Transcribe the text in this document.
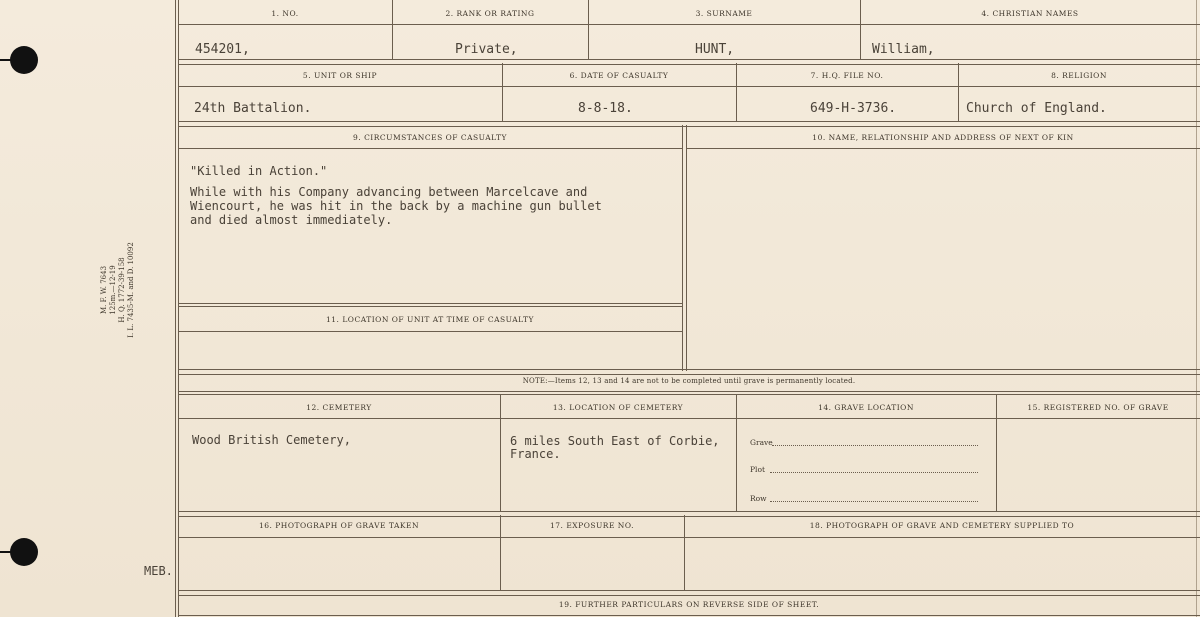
M. F. W. 7643 125m.—12-19 H. Q. 1772-39-158 I. L. 7435-M. and D. 10092
MEB.
1. NO.	2. RANK OR RATING	3. SURNAME	4. CHRISTIAN NAMES
454201,	Private,	HUNT,	William,
5. UNIT OR SHIP	6. DATE OF CASUALTY	7. H.Q. FILE NO.	8. RELIGION
24th Battalion.	8-8-18.	649-H-3736.	Church of England.
9. CIRCUMSTANCES OF CASUALTY	10. NAME, RELATIONSHIP AND ADDRESS OF NEXT OF KIN
"Killed in Action."
While with his Company advancing between Marcelcave and
Wiencourt, he was hit in the back by a machine gun bullet
and died almost immediately.
11. LOCATION OF UNIT AT TIME OF CASUALTY
NOTE:—Items 12, 13 and 14 are not to be completed until grave is permanently located.
12. CEMETERY	13. LOCATION OF CEMETERY	14. GRAVE LOCATION	15. REGISTERED NO. OF GRAVE
Wood British Cemetery,	6 miles South East of Corbie,
France.
Grave
Plot
Row
16. PHOTOGRAPH OF GRAVE TAKEN	17. EXPOSURE NO.	18. PHOTOGRAPH OF GRAVE AND CEMETERY SUPPLIED TO
19. FURTHER PARTICULARS ON REVERSE SIDE OF SHEET.
